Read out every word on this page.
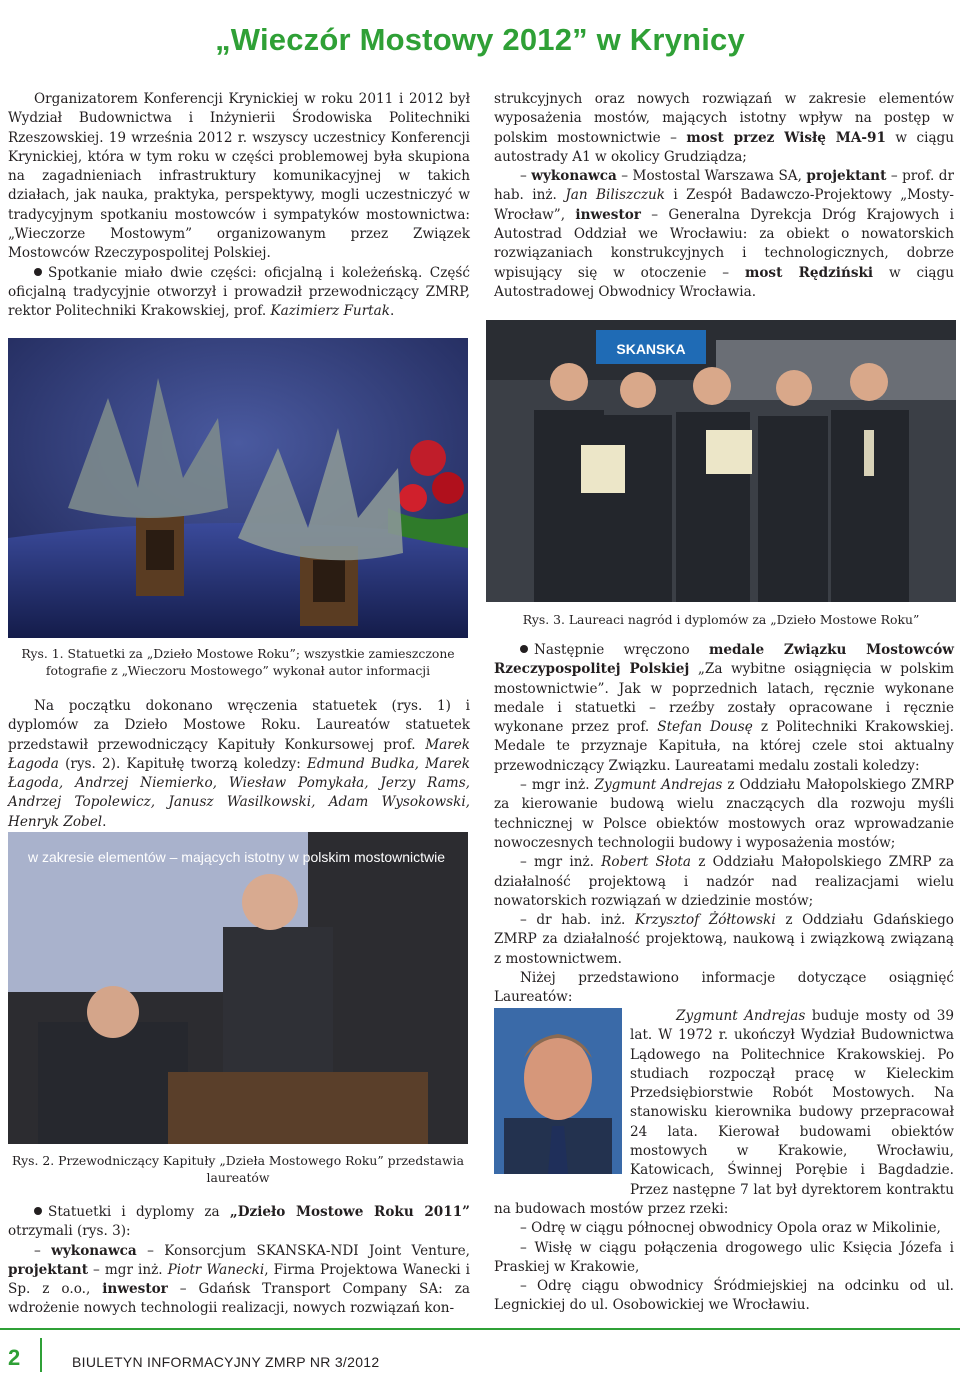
„Wieczór Mostowy 2012” w Krynicy

Organizatorem Konferencji Krynickiej w roku 2011 i 2012 był Wydział Budownictwa i Inżynierii Środowiska Politechniki Rzeszowskiej. 19 września 2012 r. wszyscy uczestnicy Konferencji Krynickiej, która w tym roku w części problemowej była skupiona na zagadnieniach infrastruktury komunikacyjnej w takich działach, jak nauka, praktyka, perspektywy, mogli uczestniczyć w tradycyjnym spotkaniu mostowców i sympatyków mostownictwa: „Wieczorze Mostowym” organizowanym przez Związek Mostowców Rzeczypospolitej Polskiej.

Spotkanie miało dwie części: oficjalną i koleżeńską. Część oficjalną tradycyjnie otworzył i prowadził przewodniczący ZMRP, rektor Politechniki Krakowskiej, prof. Kazimierz Furtak.

strukcyjnych oraz nowych rozwiązań w zakresie elementów wyposażenia mostów, mających istotny wpływ na postęp w polskim mostownictwie – most przez Wisłę MA-91 w ciągu autostrady A1 w okolicy Grudziądza;

– wykonawca – Mostostal Warszawa SA, projektant – prof. dr hab. inż. Jan Biliszczuk i Zespół Badawczo-Projektowy „Mosty-Wrocław”, inwestor – Generalna Dyrekcja Dróg Krajowych i Autostrad Oddział we Wrocławiu: za obiekt o nowatorskich rozwiązaniach konstrukcyjnych i technologicznych, dobrze wpisujący się w otoczenie – most Rędziński w ciągu Autostradowej Obwodnicy Wrocławia.

SKANSKA
Rys. 3. Laureaci nagród i dyplomów za „Dzieło Mostowe Roku”
Rys. 1. Statuetki za „Dzieło Mostowe Roku”; wszystkie zamieszczone fotografie z „Wieczoru Mostowego” wykonał autor informacji

Na początku dokonano wręczenia statuetek (rys. 1) i dyplomów za Dzieło Mostowe Roku. Laureatów statuetek przedstawił przewodniczący Kapituły Konkursowej prof. Marek Łagoda (rys. 2). Kapitułę tworzą koledzy: Edmund Budka, Marek Łagoda, Andrzej Niemierko, Wiesław Pomykała, Jerzy Rams, Andrzej Topolewicz, Janusz Wasilkowski, Adam Wysokowski, Henryk Zobel.

w zakresie elementów – mających istotny w polskim mostownictwie
Rys. 2. Przewodniczący Kapituły „Dzieła Mostowego Roku” przedstawia laureatów

Statuetki i dyplomy za „Dzieło Mostowe Roku 2011” otrzymali (rys. 3):

– wykonawca – Konsorcjum SKANSKA-NDI Joint Venture, projektant – mgr inż. Piotr Wanecki, Firma Projektowa Wanecki i Sp. z o.o., inwestor – Gdańsk Transport Company SA: za wdrożenie nowych technologii realizacji, nowych rozwiązań kon-

Następnie wręczono medale Związku Mostowców Rzeczypospolitej Polskiej „Za wybitne osiągnięcia w polskim mostownictwie”. Jak w poprzednich latach, ręcznie wykonane medale i statuetki – rzeźby zostały opracowane i ręcznie wykonane przez prof. Stefan Dousę z Politechniki Krakowskiej. Medale te przyznaje Kapituła, na której czele stoi aktualny przewodniczący Związku. Laureatami medalu zostali koledzy:

– mgr inż. Zygmunt Andrejas z Oddziału Małopolskiego ZMRP za kierowanie budową wielu znaczących dla rozwoju myśli technicznej w Polsce obiektów mostowych oraz wprowadzanie nowoczesnych technologii budowy i wyposażenia mostów;

– mgr inż. Robert Słota z Oddziału Małopolskiego ZMRP za działalność projektową i nadzór nad realizacjami wielu nowatorskich rozwiązań w dziedzinie mostów;

– dr hab. inż. Krzysztof Żółtowski z Oddziału Gdańskiego ZMRP za działalność projektową, naukową i związkową związaną z mostownictwem.

Niżej przedstawiono informacje dotyczące osiągnięć Laureatów:

Zygmunt Andrejas buduje mosty od 39 lat. W 1972 r. ukończył Wydział Budownictwa Lądowego na Politechnice Krakowskiej. Po studiach rozpoczął pracę w Kieleckim Przedsiębiorstwie Robót Mostowych. Na stanowisku kierownika budowy przepracował 24 lata. Kierował budowami obiektów mostowych w Krakowie, Wrocławiu, Katowicach, Świnnej Porębie i Bagdadzie. Przez następne 7 lat był dyrektorem kontraktu na budowach mostów przez rzeki:

– Odrę w ciągu północnej obwodnicy Opola oraz w Mikolinie,

– Wisłę w ciągu połączenia drogowego ulic Księcia Józefa i Praskiej w Krakowie,

– Odrę ciągu obwodnicy Śródmiejskiej na odcinku od ul. Legnickiej do ul. Osobowickiej we Wrocławiu.

2	BIULETYN INFORMACYJNY ZMRP NR 3/2012
